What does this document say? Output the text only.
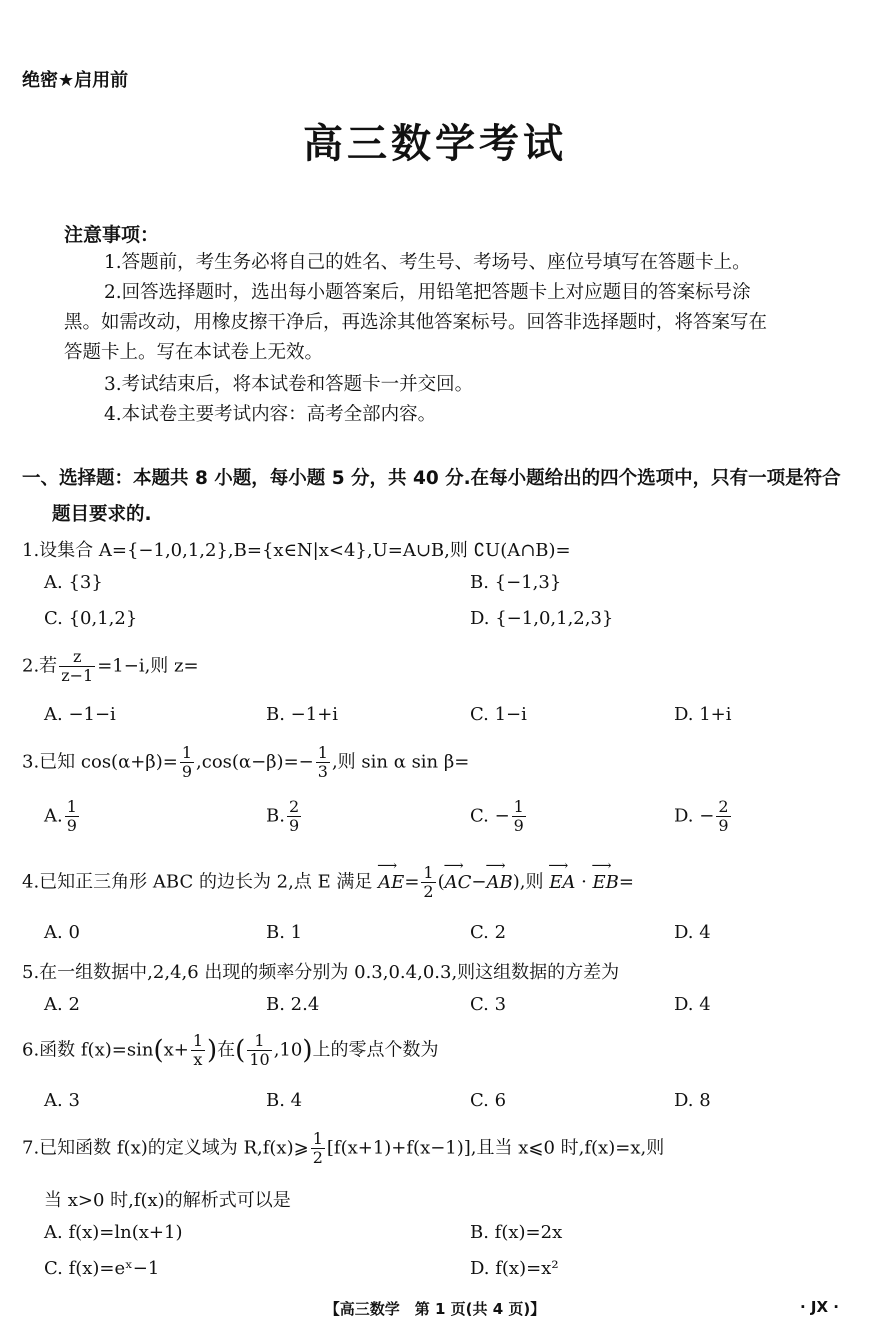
绝密★启用前
高三数学考试
注意事项：
1.答题前，考生务必将自己的姓名、考生号、考场号、座位号填写在答题卡上。
2.回答选择题时，选出每小题答案后，用铅笔把答题卡上对应题目的答案标号涂
黑。如需改动，用橡皮擦干净后，再选涂其他答案标号。回答非选择题时，将答案写在
答题卡上。写在本试卷上无效。
3.考试结束后，将本试卷和答题卡一并交回。
4.本试卷主要考试内容：高考全部内容。
一、选择题：本题共 8 小题，每小题 5 分，共 40 分.在每小题给出的四个选项中，只有一项是符合
题目要求的.
1.设集合 A={−1,0,1,2},B={x∈N|x<4},U=A∪B,则 ∁U(A∩B)=
A. {3}	B. {−1,3}
C. {0,1,2}	D. {−1,0,1,2,3}
2.若 $\frac{z}{z-1} =1-i$,则 z=
A. −1−i	B. −1+i	C. 1−i	D. 1+i
3.已知 $\cos(\alpha+\beta)= \frac{1}{9} ,\cos(\alpha-\beta)=- \frac{1}{3}$ ,则 sin α sin β=
A. $\frac{1}{9}$	B. $\frac{2}{9}$	C. − $\frac{1}{9}$	D. − $\frac{2}{9}$
4.已知正三角形 ABC 的边长为 2,点 E 满足 ⟶ $AE= \frac{1}{2}$ (⟶ AC−⟶ AB),则 ⟶ EA · ⟶ EB=
A. 0	B. 1	C. 2	D. 4
5.在一组数据中,2,4,6 出现的频率分别为 0.3,0.4,0.3,则这组数据的方差为
A. 2	B. 2.4	C. 3	D. 4
6.函数 $f(x)=\sin(x+ \frac{1}{x}$ )在( $\frac{1}{10} ,10$)上的零点个数为
A. 3	B. 4	C. 6	D. 8
7.已知函数 f(x)的定义域为 R,f(x)⩾ $\frac{1}{2} [f(x+1)+f(x-1)]$,且当 x⩽0 时,f(x)=x,则
当 x>0 时,f(x)的解析式可以是
A. f(x)=ln(x+1)	B. f(x)=2x
C. f(x)=eˣ−1	D. f(x)=x²
【高三数学　第 1 页(共 4 页)】	· JX ·
